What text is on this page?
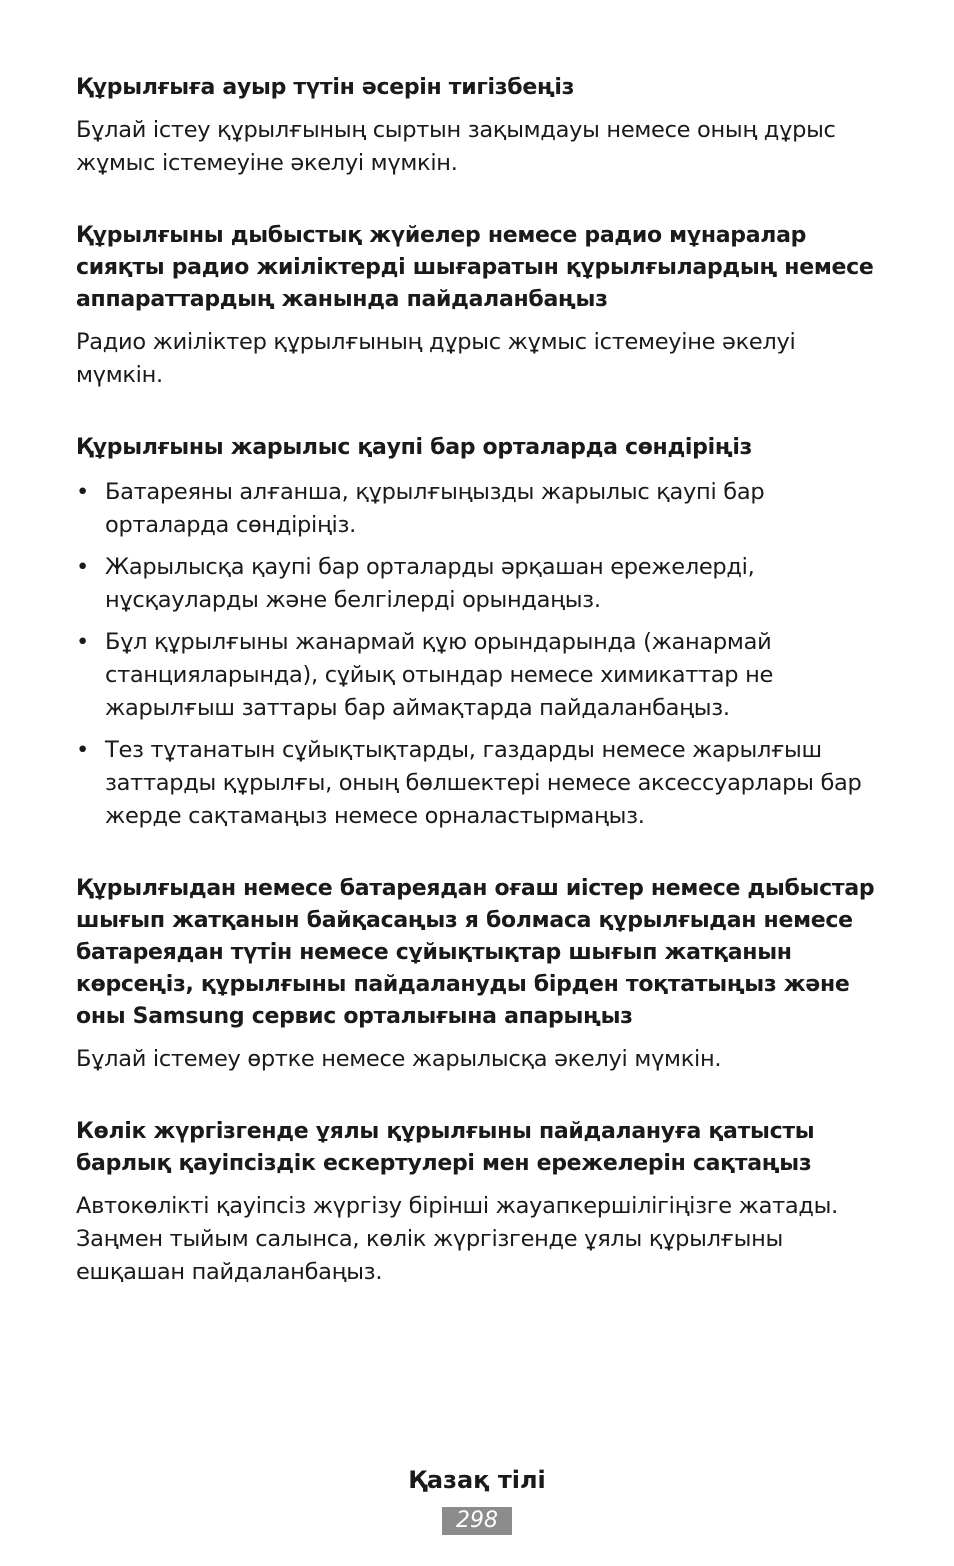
Құрылғыға ауыр түтін әсерін тигізбеңіз

Бұлай істеу құрылғының сыртын зақымдауы немесе оның дұрыс жұмыс істемеуіне әкелуі мүмкін.

Құрылғыны дыбыстық жүйелер немесе радио мұнаралар сияқты радио жиіліктерді шығаратын құрылғылардың немесе аппараттардың жанында пайдаланбаңыз

Радио жиіліктер құрылғының дұрыс жұмыс істемеуіне әкелуі мүмкін.

Құрылғыны жарылыс қаупі бар орталарда сөндіріңіз

• Батареяны алғанша, құрылғыңызды жарылыс қаупі бар орталарда сөндіріңіз.
• Жарылысқа қаупі бар орталарды әрқашан ережелерді, нұсқауларды және белгілерді орындаңыз.
• Бұл құрылғыны жанармай құю орындарында (жанармай станцияларында), сұйық отындар немесе химикаттар не жарылғыш заттары бар аймақтарда пайдаланбаңыз.
• Тез тұтанатын сұйықтықтарды, газдарды немесе жарылғыш заттарды құрылғы, оның бөлшектері немесе аксессуарлары бар жерде сақтамаңыз немесе орналастырмаңыз.

Құрылғыдан немесе батареядан оғаш иістер немесе дыбыстар шығып жатқанын байқасаңыз я болмаса құрылғыдан немесе батареядан түтін немесе сұйықтықтар шығып жатқанын көрсеңіз, құрылғыны пайдалануды бірден тоқтатыңыз және оны Samsung сервис орталығына апарыңыз

Бұлай істемеу өртке немесе жарылысқа әкелуі мүмкін.

Көлік жүргізгенде ұялы құрылғыны пайдалануға қатысты барлық қауіпсіздік ескертулері мен ережелерін сақтаңыз

Автокөлікті қауіпсіз жүргізу бірінші жауапкершілігіңізге жатады. Заңмен тыйым салынса, көлік жүргізгенде ұялы құрылғыны ешқашан пайдаланбаңыз.

Қазақ тілі
298
